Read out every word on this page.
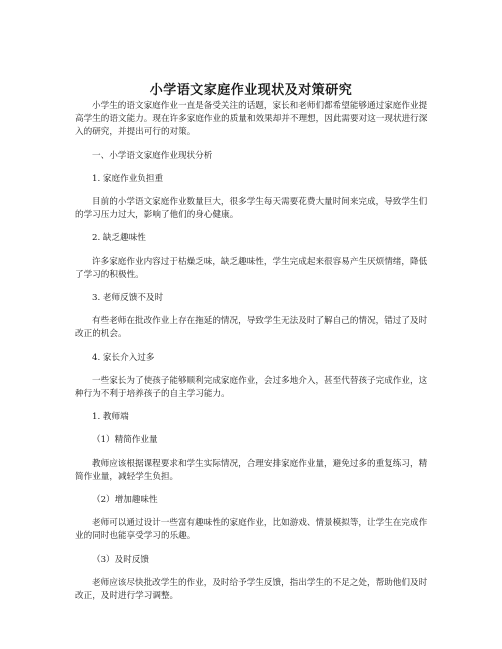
小学语文家庭作业现状及对策研究

小学生的语文家庭作业一直是备受关注的话题，家长和老师们都希望能够通过家庭作业提高学生的语文能力。现在许多家庭作业的质量和效果却并不理想，因此需要对这一现状进行深入的研究，并提出可行的对策。

一、小学语文家庭作业现状分析

1. 家庭作业负担重

目前的小学语文家庭作业数量巨大，很多学生每天需要花费大量时间来完成，导致学生们的学习压力过大，影响了他们的身心健康。

2. 缺乏趣味性

许多家庭作业内容过于枯燥乏味，缺乏趣味性，学生完成起来很容易产生厌烦情绪，降低了学习的积极性。

3. 老师反馈不及时

有些老师在批改作业上存在拖延的情况，导致学生无法及时了解自己的情况，错过了及时改正的机会。

4. 家长介入过多

一些家长为了使孩子能够顺利完成家庭作业，会过多地介入，甚至代替孩子完成作业，这种行为不利于培养孩子的自主学习能力。

1. 教师端

（1）精简作业量

教师应该根据课程要求和学生实际情况，合理安排家庭作业量，避免过多的重复练习，精简作业量，减轻学生负担。

（2）增加趣味性

老师可以通过设计一些富有趣味性的家庭作业，比如游戏、情景模拟等，让学生在完成作业的同时也能享受学习的乐趣。

（3）及时反馈

老师应该尽快批改学生的作业，及时给予学生反馈，指出学生的不足之处，帮助他们及时改正，及时进行学习调整。
